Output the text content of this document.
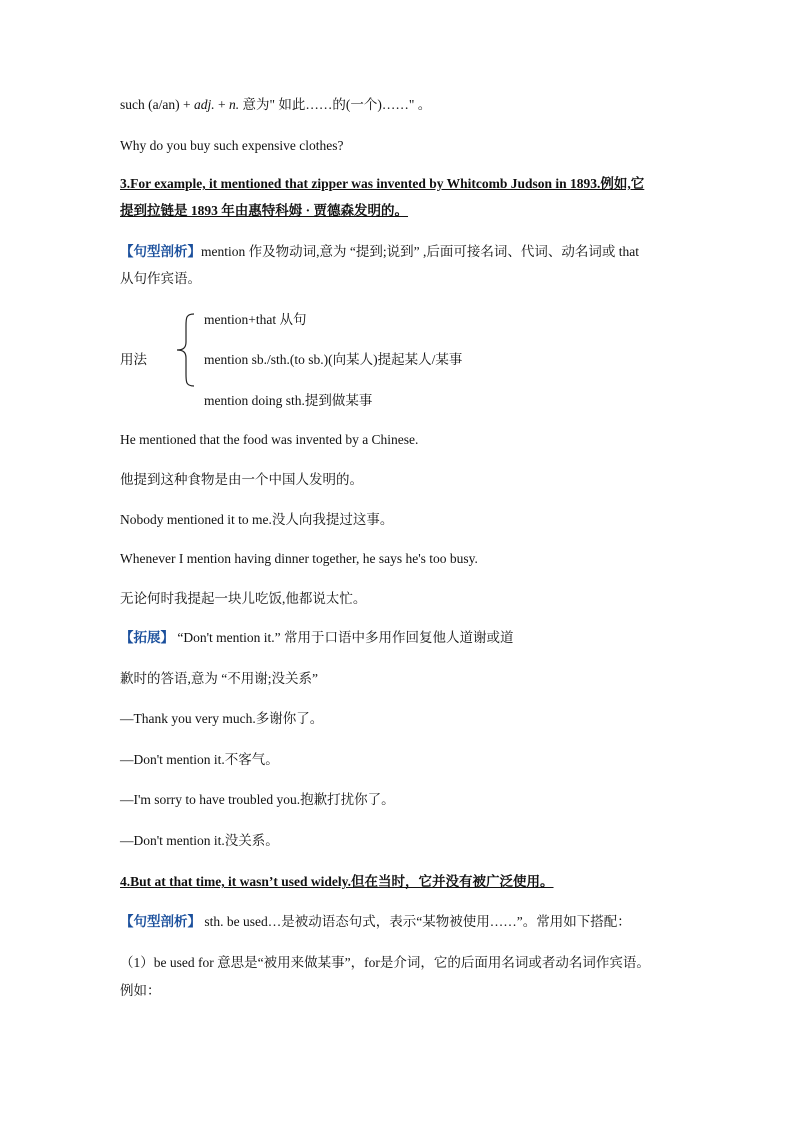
such (a/an) + adj. + n. 意为" 如此……的(一个)……" 。
Why do you buy such expensive clothes?
3.For example, it mentioned that zipper was invented by Whitcomb Judson in 1893.例如,它
提到拉链是 1893 年由惠特科姆 · 贾德森发明的。
【句型剖析】mention 作及物动词,意为 “提到;说到” ,后面可接名词、代词、动名词或 that
从句作宾语。
mention+that 从句
用法	mention sb./sth.(to sb.)(向某人)提起某人/某事
mention doing sth.提到做某事
He mentioned that the food was invented by a Chinese.
他提到这种食物是由一个中国人发明的。
Nobody mentioned it to me.没人向我提过这事。
Whenever I mention having dinner together, he says he's too busy.
无论何时我提起一块儿吃饭,他都说太忙。
【拓展】 “Don't mention it.” 常用于口语中多用作回复他人道谢或道
歉时的答语,意为 “不用谢;没关系”
—Thank you very much.多谢你了。
—Don't mention it.不客气。
—I'm sorry to have troubled you.抱歉打扰你了。
—Don't mention it.没关系。
4.But at that time, it wasn’t used widely.但在当时，它并没有被广泛使用。
【句型剖析】 sth. be used…是被动语态句式，表示“某物被使用……”。常用如下搭配：
（1）be used for 意思是“被用来做某事”，for是介词，它的后面用名词或者动名词作宾语。
例如：
